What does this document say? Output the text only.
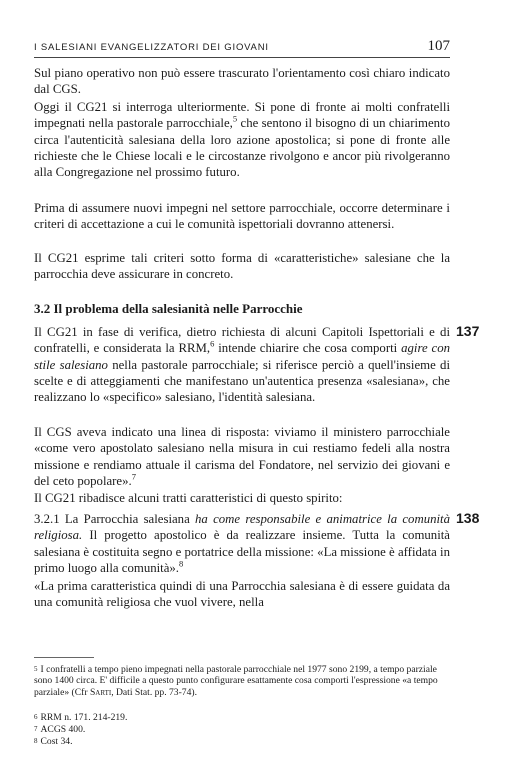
I SALESIANI EVANGELIZZATORI DEI GIOVANI	107

Sul piano operativo non può essere trascurato l'orientamento così chiaro indicato dal CGS.

Oggi il CG21 si interroga ulteriormente. Si pone di fronte ai molti confratelli impegnati nella pastorale parrocchiale,$^5$ che sentono il bisogno di un chiarimento circa l'autenticità salesiana della loro azione apostolica; si pone di fronte alle richieste che le Chiese locali e le circostanze rivolgono e ancor più rivolgeranno alla Congregazione nel prossimo futuro.

Prima di assumere nuovi impegni nel settore parrocchiale, occorre determinare i criteri di accettazione a cui le comunità ispettoriali dovranno attenersi.

Il CG21 esprime tali criteri sotto forma di «caratteristiche» salesiane che la parrocchia deve assicurare in concreto.

3.2 Il problema della salesianità nelle Parrocchie
137

Il CG21 in fase di verifica, dietro richiesta di alcuni Capitoli Ispettoriali e di confratelli, e considerata la RRM,$^6$ intende chiarire che cosa comporti agire con stile salesiano nella pastorale parrocchiale; si riferisce perciò a quell'insieme di scelte e di atteggiamenti che manifestano un'autentica presenza «salesiana», che realizzano lo «specifico» salesiano, l'identità salesiana.

Il CGS aveva indicato una linea di risposta: viviamo il ministero parrocchiale «come vero apostolato salesiano nella misura in cui restiamo fedeli alla nostra missione e rendiamo attuale il carisma del Fondatore, nel servizio dei giovani e del ceto popolare».$^7$

Il CG21 ribadisce alcuni tratti caratteristici di questo spirito:

138

3.2.1 La Parrocchia salesiana ha come responsabile e animatrice la comunità religiosa. Il progetto apostolico è da realizzare insieme. Tutta la comunità salesiana è costituita segno e portatrice della missione: «La missione è affidata in primo luogo alla comunità».$^8$

«La prima caratteristica quindi di una Parrocchia salesiana è di essere guidata da una comunità religiosa che vuol vivere, nella

$^5$ I confratelli a tempo pieno impegnati nella pastorale parrocchiale nel 1977 sono 2199, a tempo parziale sono 1400 circa. E' difficile a questo punto configurare esattamente cosa comporti l'espressione «a tempo parziale» (Cfr Sarti, Dati Stat. pp. 73-74).

$^6$ RRM n. 171. 214-219.

$^7$ ACGS 400.

$^8$ Cost 34.
